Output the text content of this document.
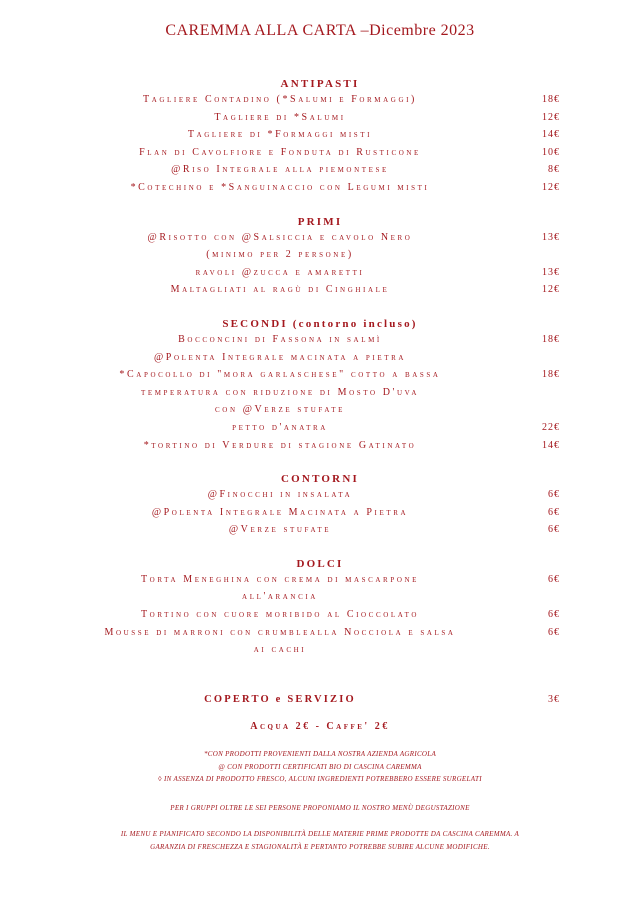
CAREMMA ALLA CARTA –Dicembre 2023
ANTIPASTI
Tagliere Contadino (*Salumi e Formaggi)	18€
Tagliere di *Salumi	12€
Tagliere di *Formaggi misti	14€
Flan di Cavolfiore e Fonduta di Rusticone	10€
@Riso Integrale alla piemontese	8€
*Cotechino e *Sanguinaccio con Legumi misti	12€
PRIMI
@Risotto con @Salsiccia e cavolo Nero	13€
(minimo per 2 persone)
ravoli @zucca e amaretti	13€
Maltagliati al ragù di Cinghiale	12€
SECONDI (contorno incluso)
Bocconcini di Fassona in salmì	18€
@Polenta Integrale macinata a pietra
*Capocollo di "mora garlaschese" cotto a bassa	18€
temperatura con riduzione di Mosto D'uva
con @Verze stufate
petto d'anatra	22€
*tortino di Verdure di stagione Gatinato	14€
CONTORNI
@Finocchi in insalata	6€
@Polenta Integrale Macinata a Pietra	6€
@Verze stufate	6€
DOLCI
Torta Meneghina con crema di mascarpone	6€
all'arancia
Tortino con cuore moribido al Cioccolato	6€
Mousse di marroni con crumblealla Nocciola e salsa	6€
ai cachi
COPERTO e SERVIZIO	3€
Acqua 2€ - Caffe' 2€
*CON PRODOTTI PROVENIENTI DALLA NOSTRA AZIENDA AGRICOLA
@ CON PRODOTTI CERTIFICATI BIO DI CASCINA CAREMMA
◊ IN ASSENZA DI PRODOTTO FRESCO, ALCUNI INGREDIENTI POTREBBERO ESSERE SURGELATI
PER I GRUPPI OLTRE LE SEI PERSONE PROPONIAMO IL NOSTRO MENÙ DEGUSTAZIONE
IL MENU E PIANIFICATO SECONDO LA DISPONIBILITÀ DELLE MATERIE PRIME PRODOTTE DA CASCINA CAREMMA. A
GARANZIA DI FRESCHEZZA E STAGIONALITÀ E PERTANTO POTREBBE SUBIRE ALCUNE MODIFICHE.
